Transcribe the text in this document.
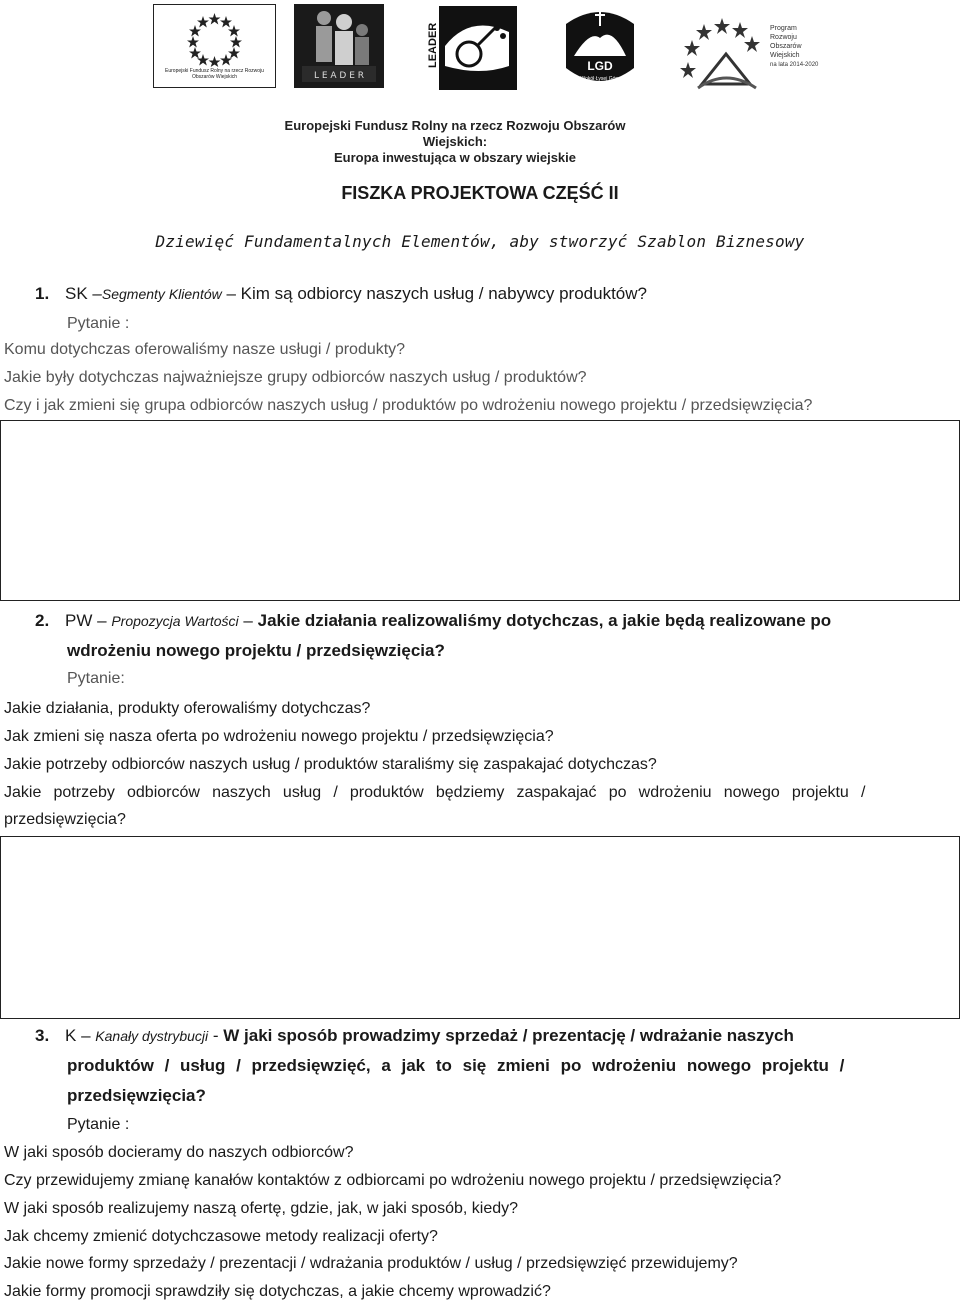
Europejski Fundusz Rolny na rzecz Rozwoju Obszarów Wiejskich	L E A D E R
LEADER	LGD
Wokół Łysej Góry
Program
Rozwoju
Obszarów
Wiejskich
na lata 2014-2020
Europejski Fundusz Rolny na rzecz Rozwoju Obszarów Wiejskich:
Europa inwestująca w obszary wiejskie
FISZKA PROJEKTOWA CZĘŚĆ II
Dziewięć Fundamentalnych Elementów, aby stworzyć Szablon Biznesowy
1. SK –Segmenty Klientów – Kim są odbiorcy naszych usług / nabywcy produktów?
Pytanie :
Komu dotychczas oferowaliśmy nasze usługi / produkty?
Jakie były dotychczas najważniejsze grupy odbiorców naszych usług / produktów?
Czy i jak zmieni się grupa odbiorców naszych usług / produktów po wdrożeniu nowego projektu / przedsięwzięcia?
2. PW – Propozycja Wartości – Jakie działania realizowaliśmy dotychczas, a jakie będą realizowane po
wdrożeniu nowego projektu / przedsięwzięcia?
Pytanie:
Jakie działania, produkty oferowaliśmy dotychczas?
Jak zmieni się nasza oferta po wdrożeniu nowego projektu / przedsięwzięcia?
Jakie potrzeby odbiorców naszych usług / produktów staraliśmy się zaspakajać dotychczas?
Jakie potrzeby odbiorców naszych usług / produktów będziemy zaspakajać po wdrożeniu nowego projektu /
przedsięwzięcia?
3. K – Kanały dystrybucji - W jaki sposób prowadzimy sprzedaż / prezentację / wdrażanie naszych
produktów / usług / przedsięwzięć, a jak to się zmieni po wdrożeniu nowego projektu /
przedsięwzięcia?
Pytanie :
W jaki sposób docieramy do naszych odbiorców?
Czy przewidujemy zmianę kanałów kontaktów z odbiorcami po wdrożeniu nowego projektu / przedsięwzięcia?
W jaki sposób realizujemy naszą ofertę, gdzie, jak, w jaki sposób, kiedy?
Jak chcemy zmienić dotychczasowe metody realizacji oferty?
Jakie nowe formy sprzedaży / prezentacji / wdrażania produktów / usług / przedsięwzięć przewidujemy?
Jakie formy promocji sprawdziły się dotychczas, a jakie chcemy wprowadzić?
